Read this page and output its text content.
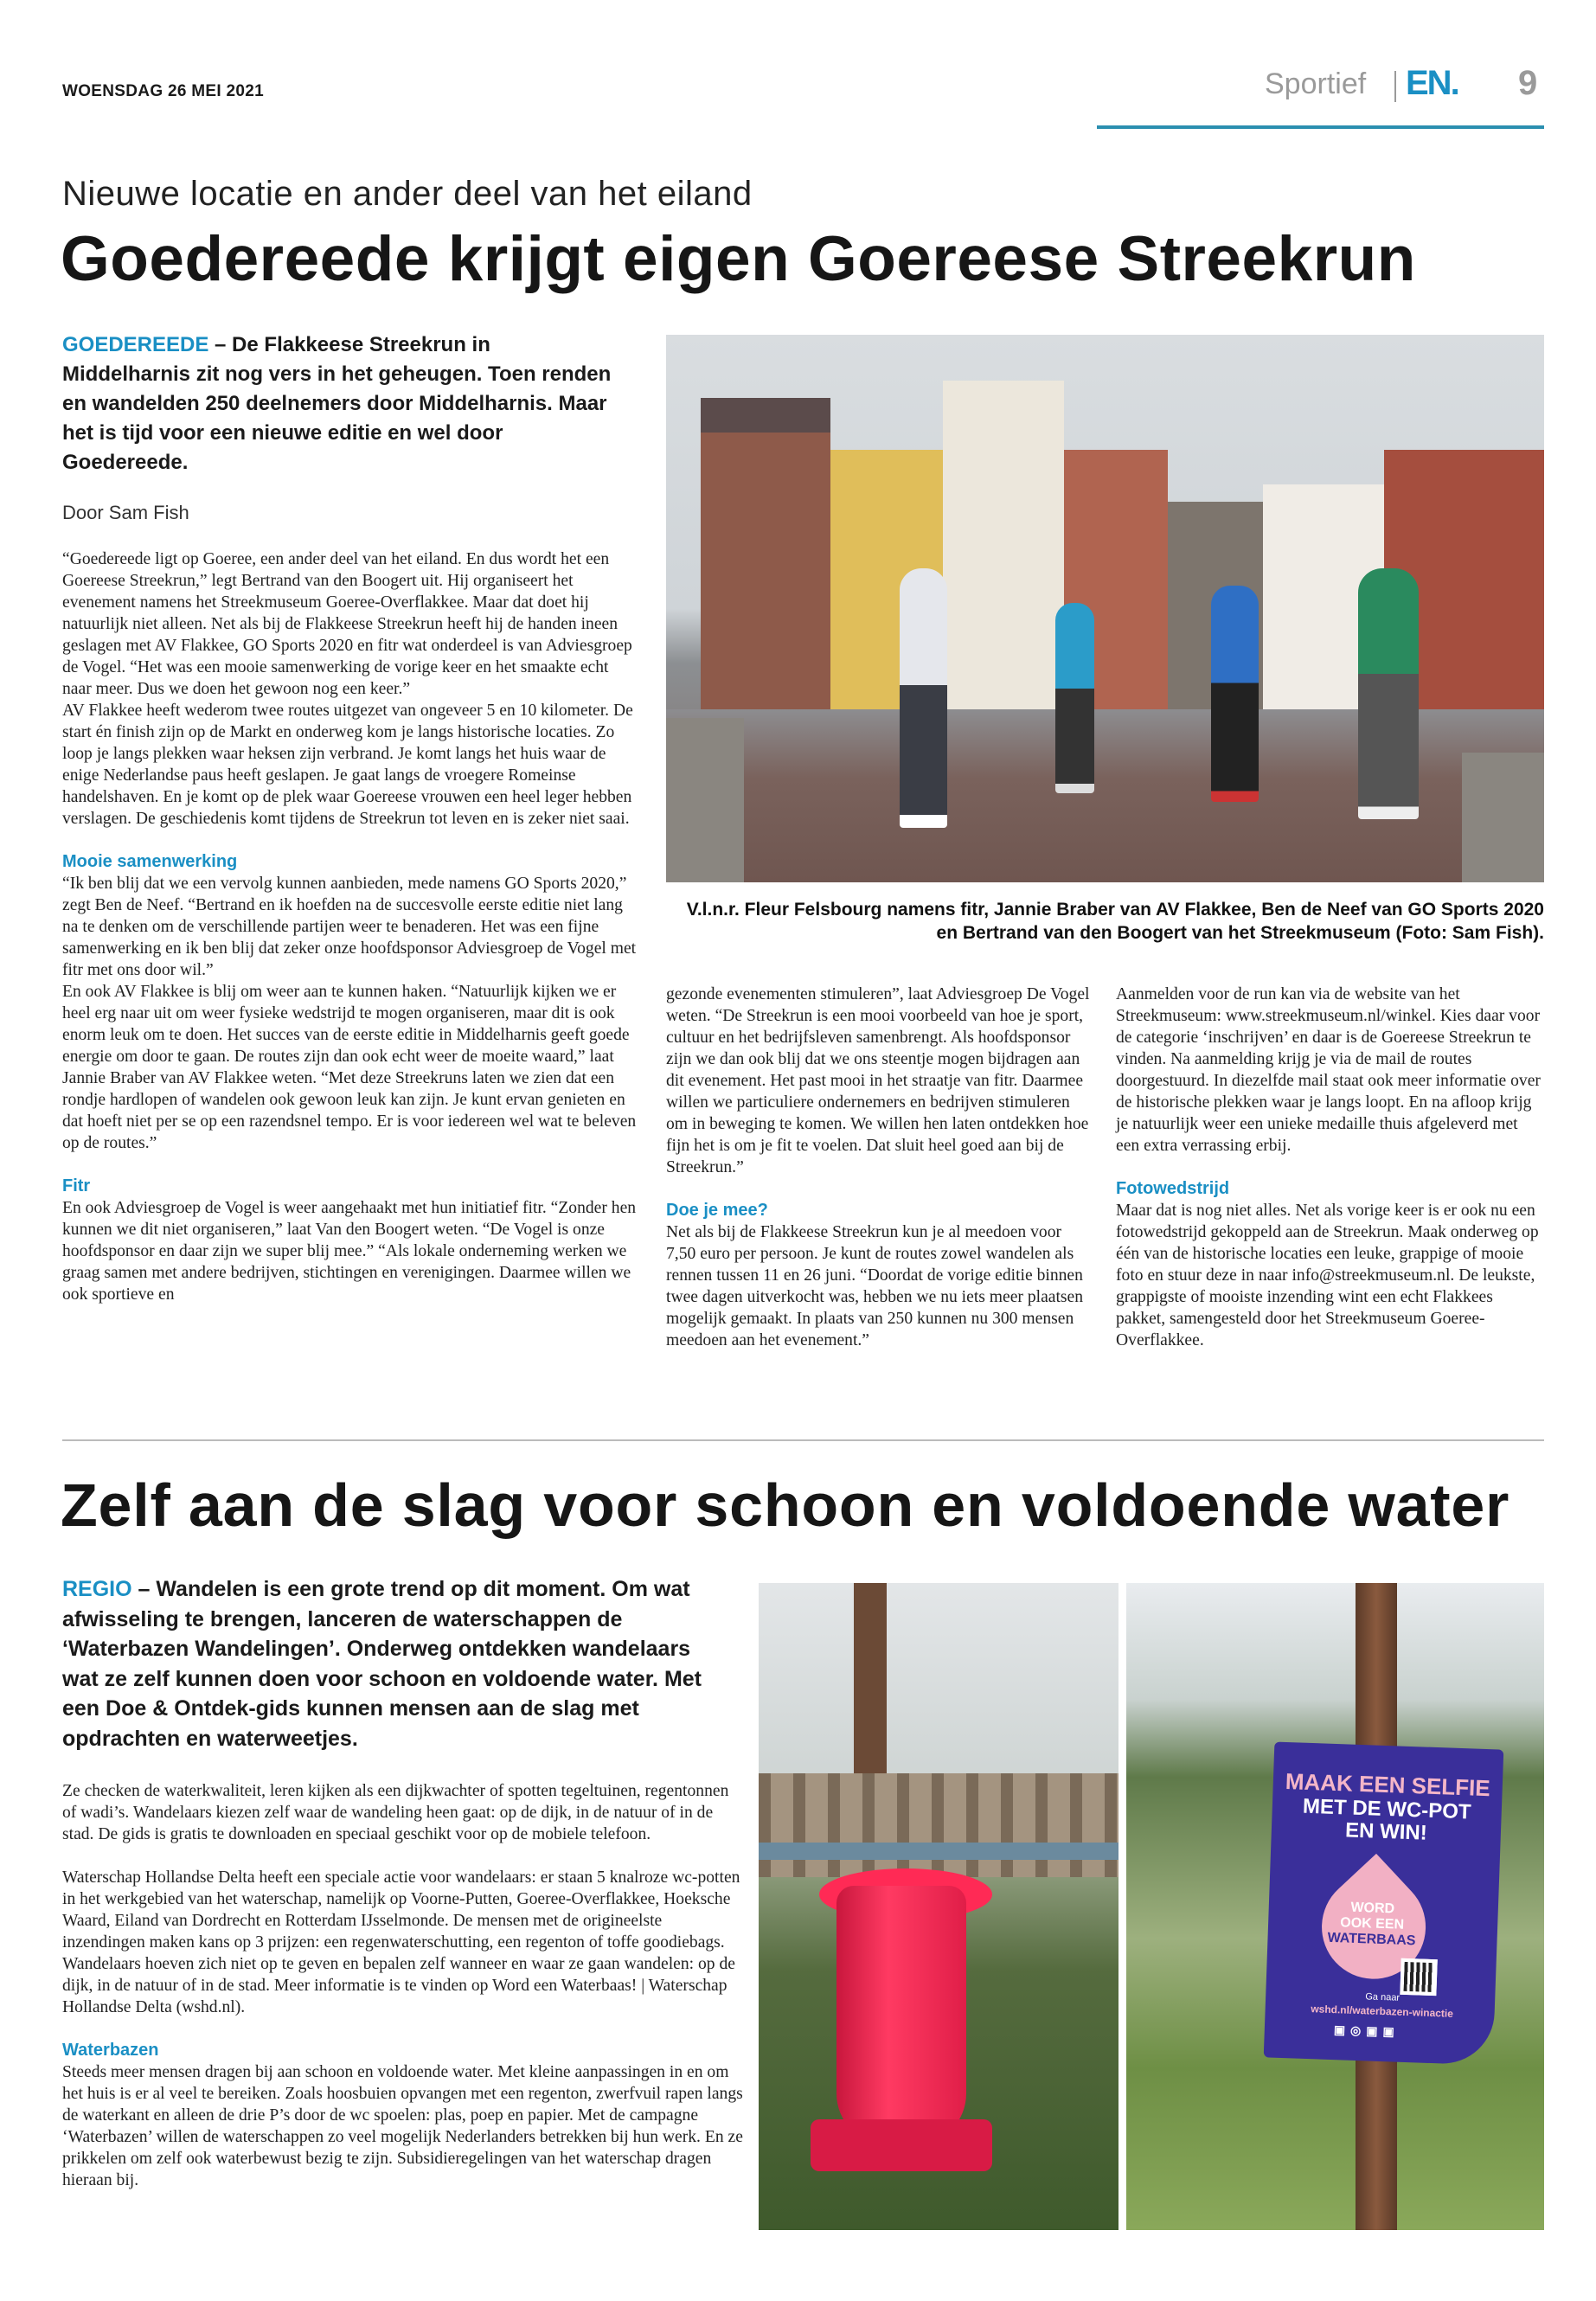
WOENSDAG 26 MEI 2021	Sportief EN. 9
Nieuwe locatie en ander deel van het eiland
Goedereede krijgt eigen Goereese Streekrun
GOEDEREEDE – De Flakkeese Streekrun in Middelharnis zit nog vers in het geheugen. Toen renden en wandelden 250 deelnemers door Middelharnis. Maar het is tijd voor een nieuwe editie en wel door Goedereede.
Door Sam Fish
V.l.n.r. Fleur Felsbourg namens fitr, Jannie Braber van AV Flakkee, Ben de Neef van GO Sports 2020 en Bertrand van den Boogert van het Streekmuseum (Foto: Sam Fish).

“Goedereede ligt op Goeree, een ander deel van het eiland. En dus wordt het een Goereese Streekrun,” legt Bertrand van den Boogert uit. Hij organiseert het evenement namens het Streekmuseum Goeree-Overflakkee. Maar dat doet hij natuurlijk niet alleen. Net als bij de Flakkeese Streekrun heeft hij de handen ineen geslagen met AV Flakkee, GO Sports 2020 en fitr wat onderdeel is van Adviesgroep de Vogel. “Het was een mooie samenwerking de vorige keer en het smaakte echt naar meer. Dus we doen het gewoon nog een keer.”

AV Flakkee heeft wederom twee routes uitgezet van ongeveer 5 en 10 kilometer. De start én finish zijn op de Markt en onderweg kom je langs historische locaties. Zo loop je langs plekken waar heksen zijn verbrand. Je komt langs het huis waar de enige Nederlandse paus heeft geslapen. Je gaat langs de vroegere Romeinse handelshaven. En je komt op de plek waar Goereese vrouwen een heel leger hebben verslagen. De geschiedenis komt tijdens de Streekrun tot leven en is zeker niet saai.

Mooie samenwerking

“Ik ben blij dat we een vervolg kunnen aanbieden, mede namens GO Sports 2020,” zegt Ben de Neef. “Bertrand en ik hoefden na de succesvolle eerste editie niet lang na te denken om de verschillende partijen weer te benaderen. Het was een fijne samenwerking en ik ben blij dat zeker onze hoofdsponsor Adviesgroep de Vogel met fitr met ons door wil.”

En ook AV Flakkee is blij om weer aan te kunnen haken. “Natuurlijk kijken we er heel erg naar uit om weer fysieke wedstrijd te mogen organiseren, maar dit is ook enorm leuk om te doen. Het succes van de eerste editie in Middelharnis geeft goede energie om door te gaan. De routes zijn dan ook echt weer de moeite waard,” laat Jannie Braber van AV Flakkee weten. “Met deze Streekruns laten we zien dat een rondje hardlopen of wandelen ook gewoon leuk kan zijn. Je kunt ervan genieten en dat hoeft niet per se op een razendsnel tempo. Er is voor iedereen wel wat te beleven op de routes.”

Fitr

En ook Adviesgroep de Vogel is weer aangehaakt met hun initiatief fitr. “Zonder hen kunnen we dit niet organiseren,” laat Van den Boogert weten. “De Vogel is onze hoofdsponsor en daar zijn we super blij mee.” “Als lokale onderneming werken we graag samen met andere bedrijven, stichtingen en verenigingen. Daarmee willen we ook sportieve en

gezonde evenementen stimuleren”, laat Adviesgroep De Vogel weten. “De Streekrun is een mooi voorbeeld van hoe je sport, cultuur en het bedrijfsleven samenbrengt. Als hoofdsponsor zijn we dan ook blij dat we ons steentje mogen bijdragen aan dit evenement. Het past mooi in het straatje van fitr. Daarmee willen we particuliere ondernemers en bedrijven stimuleren om in beweging te komen. We willen hen laten ontdekken hoe fijn het is om je fit te voelen. Dat sluit heel goed aan bij de Streekrun.”

Doe je mee?

Net als bij de Flakkeese Streekrun kun je al meedoen voor 7,50 euro per persoon. Je kunt de routes zowel wandelen als rennen tussen 11 en 26 juni. “Doordat de vorige editie binnen twee dagen uitverkocht was, hebben we nu iets meer plaatsen mogelijk gemaakt. In plaats van 250 kunnen nu 300 mensen meedoen aan het evenement.”

Aanmelden voor de run kan via de website van het Streekmuseum: www.streekmuseum.nl/winkel. Kies daar voor de categorie ‘inschrijven’ en daar is de Goereese Streekrun te vinden. Na aanmelding krijg je via de mail de routes doorgestuurd. In diezelfde mail staat ook meer informatie over de historische plekken waar je langs loopt. En na afloop krijg je natuurlijk weer een unieke medaille thuis afgeleverd met een extra verrassing erbij.

Fotowedstrijd

Maar dat is nog niet alles. Net als vorige keer is er ook nu een fotowedstrijd gekoppeld aan de Streekrun. Maak onderweg op één van de historische locaties een leuke, grappige of mooie foto en stuur deze in naar info@streekmuseum.nl. De leukste, grappigste of mooiste inzending wint een echt Flakkees pakket, samengesteld door het Streekmuseum Goeree-Overflakkee.

Zelf aan de slag voor schoon en voldoende water
REGIO – Wandelen is een grote trend op dit moment. Om wat afwisseling te brengen, lanceren de waterschappen de ‘Waterbazen Wandelingen’. Onderweg ontdekken wandelaars wat ze zelf kunnen doen voor schoon en voldoende water. Met een Doe & Ontdek-gids kunnen mensen aan de slag met opdrachten en waterweetjes.

Ze checken de waterkwaliteit, leren kijken als een dijkwachter of spotten tegeltuinen, regentonnen of wadi’s. Wandelaars kiezen zelf waar de wandeling heen gaat: op de dijk, in de natuur of in de stad. De gids is gratis te downloaden en speciaal geschikt voor op de mobiele telefoon.

Waterschap Hollandse Delta heeft een speciale actie voor wandelaars: er staan 5 knalroze wc-potten in het werkgebied van het waterschap, namelijk op Voorne-Putten, Goeree-Overflakkee, Hoeksche Waard, Eiland van Dordrecht en Rotterdam IJsselmonde. De mensen met de origineelste inzendingen maken kans op 3 prijzen: een regenwaterschutting, een regenton of toffe goodiebags. Wandelaars hoeven zich niet op te geven en bepalen zelf wanneer en waar ze gaan wandelen: op de dijk, in de natuur of in de stad. Meer informatie is te vinden op Word een Waterbaas! | Waterschap Hollandse Delta (wshd.nl).

Waterbazen

Steeds meer mensen dragen bij aan schoon en voldoende water. Met kleine aanpassingen in en om het huis is er al veel te bereiken. Zoals hoosbuien opvangen met een regenton, zwerfvuil rapen langs de waterkant en alleen de drie P’s door de wc spoelen: plas, poep en papier. Met de campagne ‘Waterbazen’ willen de waterschappen zo veel mogelijk Nederlanders betrekken bij hun werk. En ze prikkelen om zelf ook waterbewust bezig te zijn. Subsidieregelingen van het waterschap dragen hieraan bij.

MAAK EEN SELFIE
MET DE WC-POT
EN WIN!
WORD
OOK EEN
WATERBAAS
Ga naar
wshd.nl/waterbazen-winactie
▣◎▣▣
